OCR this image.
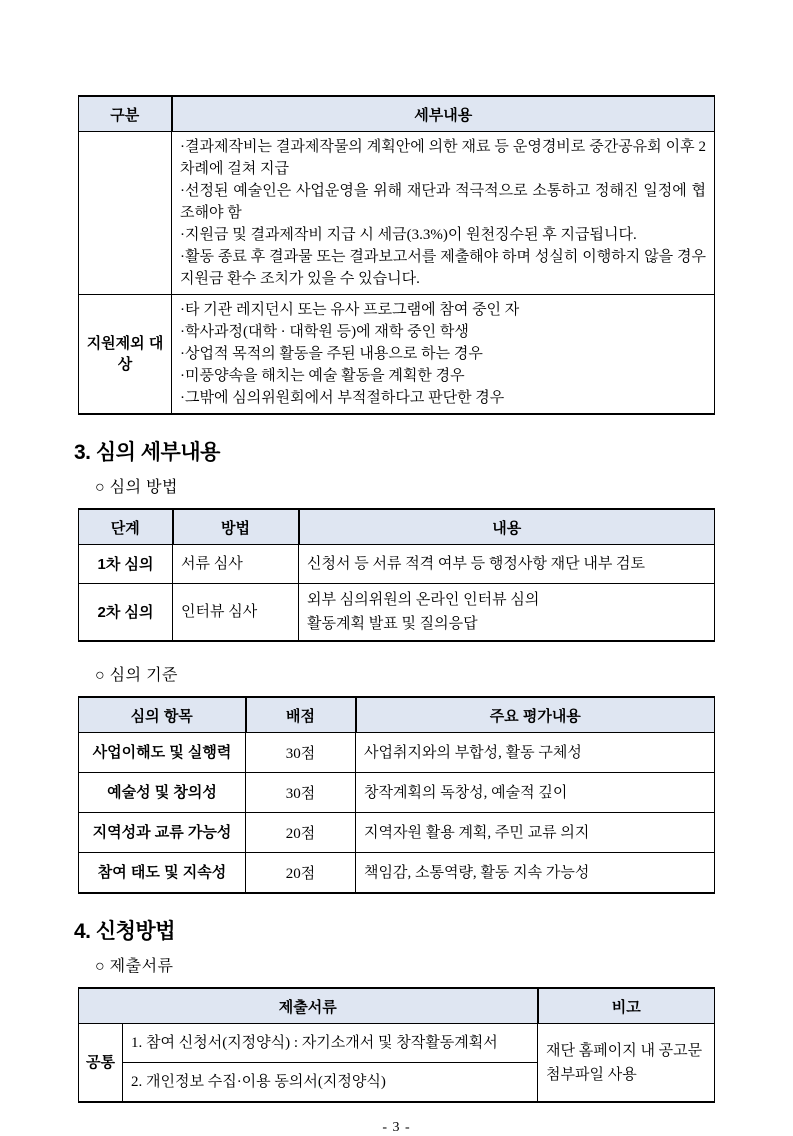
구분	세부내용

	·결과제작비는 결과제작물의 계획안에 의한 재료 등 운영경비로 중간공유회 이후 2차례에 걸쳐 지급

·선정된 예술인은 사업운영을 위해 재단과 적극적으로 소통하고 정해진 일정에 협조해야 함

·지원금 및 결과제작비 지급 시 세금(3.3%)이 원천징수된 후 지급됩니다.

·활동 종료 후 결과물 또는 결과보고서를 제출해야 하며 성실히 이행하지 않을 경우 지원금 환수 조치가 있을 수 있습니다.

지원제외 대상	·타 기관 레지던시 또는 유사 프로그램에 참여 중인 자

·학사과정(대학 · 대학원 등)에 재학 중인 학생

·상업적 목적의 활동을 주된 내용으로 하는 경우

·미풍양속을 해치는 예술 활동을 계획한 경우

·그밖에 심의위원회에서 부적절하다고 판단한 경우

3. 심의 세부내용
○ 심의 방법
단계	방법	내용
1차 심의	서류 심사	신청서 등 서류 적격 여부 등 행정사항 재단 내부 검토
2차 심의	인터뷰 심사	외부 심의위원의 온라인 인터뷰 심의
활동계획 발표 및 질의응답
○ 심의 기준
심의 항목	배점	주요 평가내용
사업이해도 및 실행력	30점	사업취지와의 부합성, 활동 구체성
예술성 및 창의성	30점	창작계획의 독창성, 예술적 깊이
지역성과 교류 가능성	20점	지역자원 활용 계획, 주민 교류 의지
참여 태도 및 지속성	20점	책임감, 소통역량, 활동 지속 가능성
4. 신청방법
○ 제출서류
제출서류		비고
공통	1. 참여 신청서(지정양식) : 자기소개서 및 창작활동계획서	재단 홈페이지 내 공고문 첨부파일 사용
	2. 개인정보 수집·이용 동의서(지정양식)	
- 3 -
